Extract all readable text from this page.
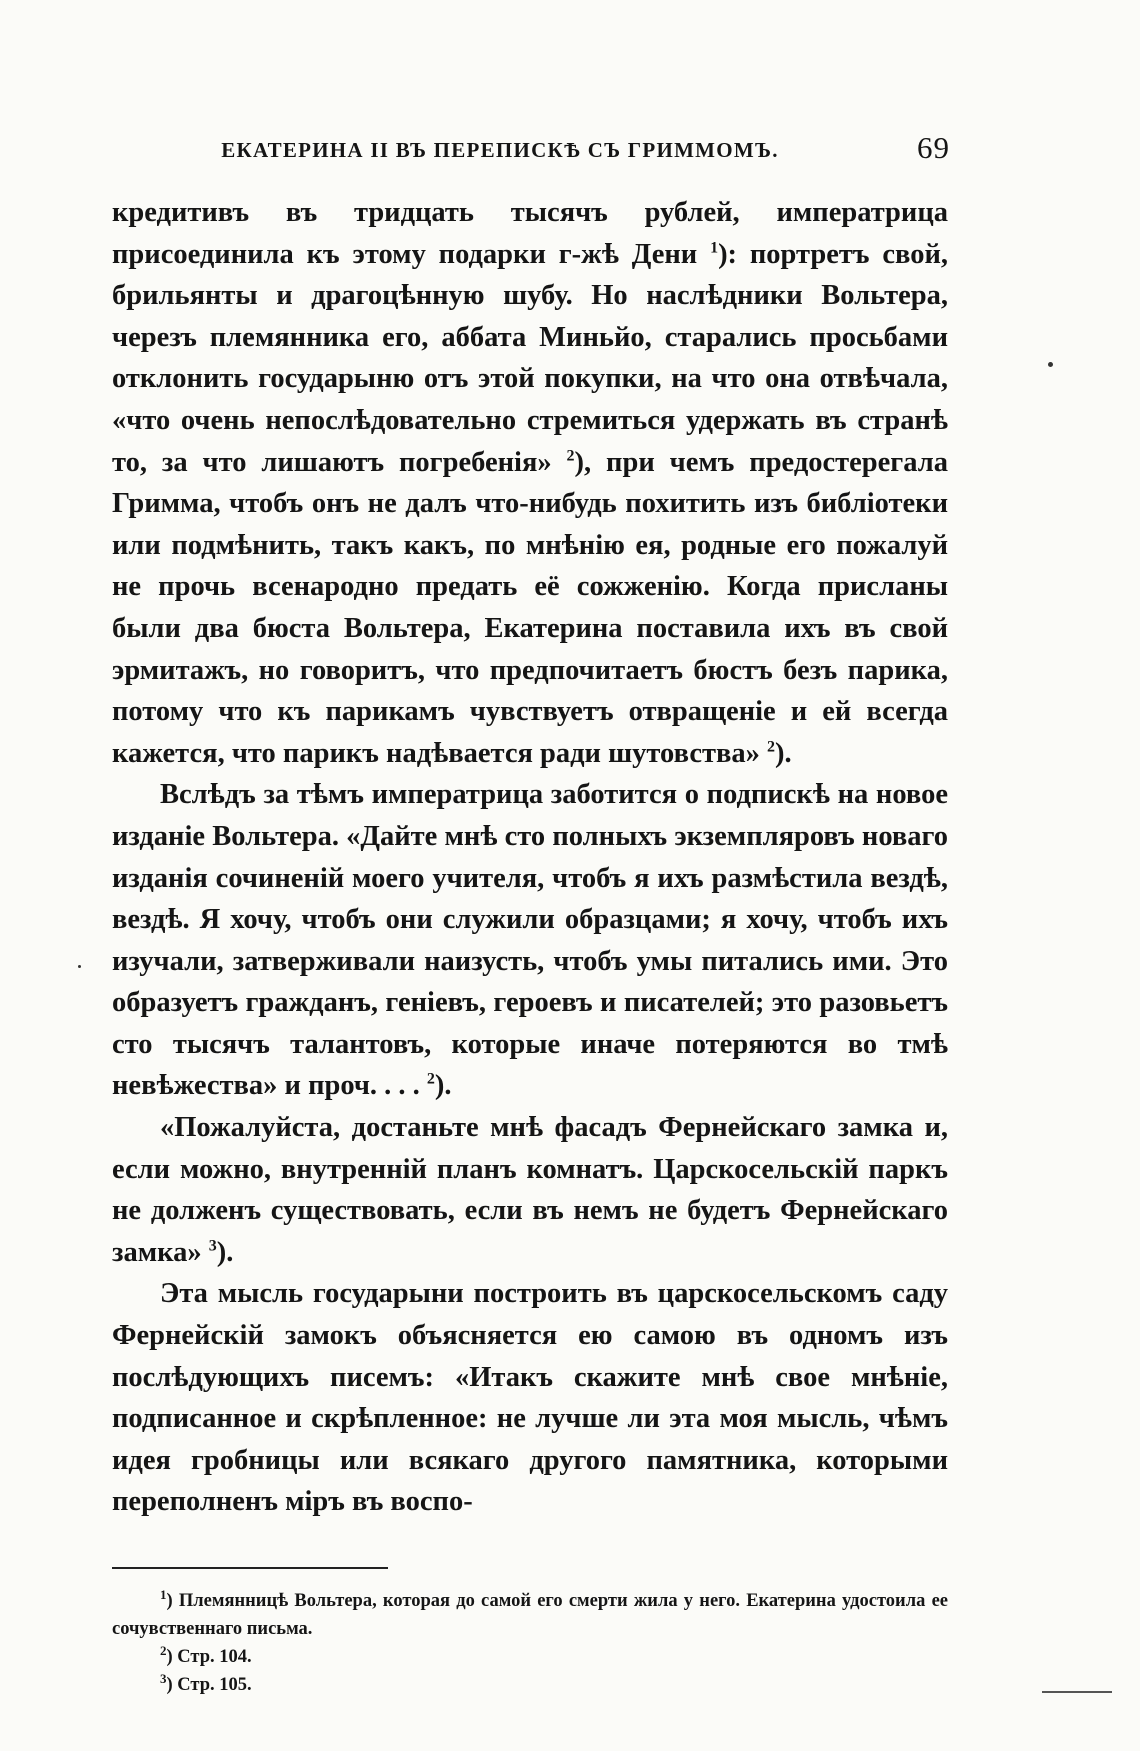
ЕКАТЕРИНА II ВЪ ПЕРЕПИСКѢ СЪ ГРИММОМЪ.	69

кредитивъ въ тридцать тысячъ рублей, императрица присоединила къ этому подарки г-жѣ Дени $^1$): портретъ свой, брильянты и драгоцѣнную шубу. Но наслѣдники Вольтера, черезъ племянника его, аббата Миньйо, старались просьбами отклонить государыню отъ этой покупки, на что она отвѣчала, «что очень непослѣдовательно стремиться удержать въ странѣ то, за что лишаютъ погребенія» $^2$), при чемъ предостерегала Гримма, чтобъ онъ не далъ что-нибудь похитить изъ библіотеки или подмѣнить, такъ какъ, по мнѣнію ея, родные его пожалуй не прочь всенародно предать её сожженію. Когда присланы были два бюста Вольтера, Екатерина поставила ихъ въ свой эрмитажъ, но говоритъ, что предпочитаетъ бюстъ безъ парика, потому что къ парикамъ чувствуетъ отвращеніе и ей всегда кажется, что парикъ надѣвается ради шутовства» $^2$).

Вслѣдъ за тѣмъ императрица заботится о подпискѣ на новое изданіе Вольтера. «Дайте мнѣ сто полныхъ экземпляровъ новаго изданія сочиненій моего учителя, чтобъ я ихъ размѣстила вездѣ, вездѣ. Я хочу, чтобъ они служили образцами; я хочу, чтобъ ихъ изучали, затверживали наизусть, чтобъ умы питались ими. Это образуетъ гражданъ, геніевъ, героевъ и писателей; это разовьетъ сто тысячъ талантовъ, которые иначе потеряются во тмѣ невѣжества» и проч. . . . $^2$).

«Пожалуйста, достаньте мнѣ фасадъ Фернейскаго замка и, если можно, внутренній планъ комнатъ. Царскосельскій паркъ не долженъ существовать, если въ немъ не будетъ Фернейскаго замка» $^3$).

Эта мысль государыни построить въ царскосельскомъ саду Фернейскій замокъ объясняется ею самою въ одномъ изъ послѣдующихъ писемъ: «Итакъ скажите мнѣ свое мнѣніе, подписанное и скрѣпленное: не лучше ли эта моя мысль, чѣмъ идея гробницы или всякаго другого памятника, которыми переполненъ міръ въ воспо-

$^1$) Племянницѣ Вольтера, которая до самой его смерти жила у него. Екатерина удостоила ее сочувственнаго письма.

$^2$) Стр. 104.

$^3$) Стр. 105.
